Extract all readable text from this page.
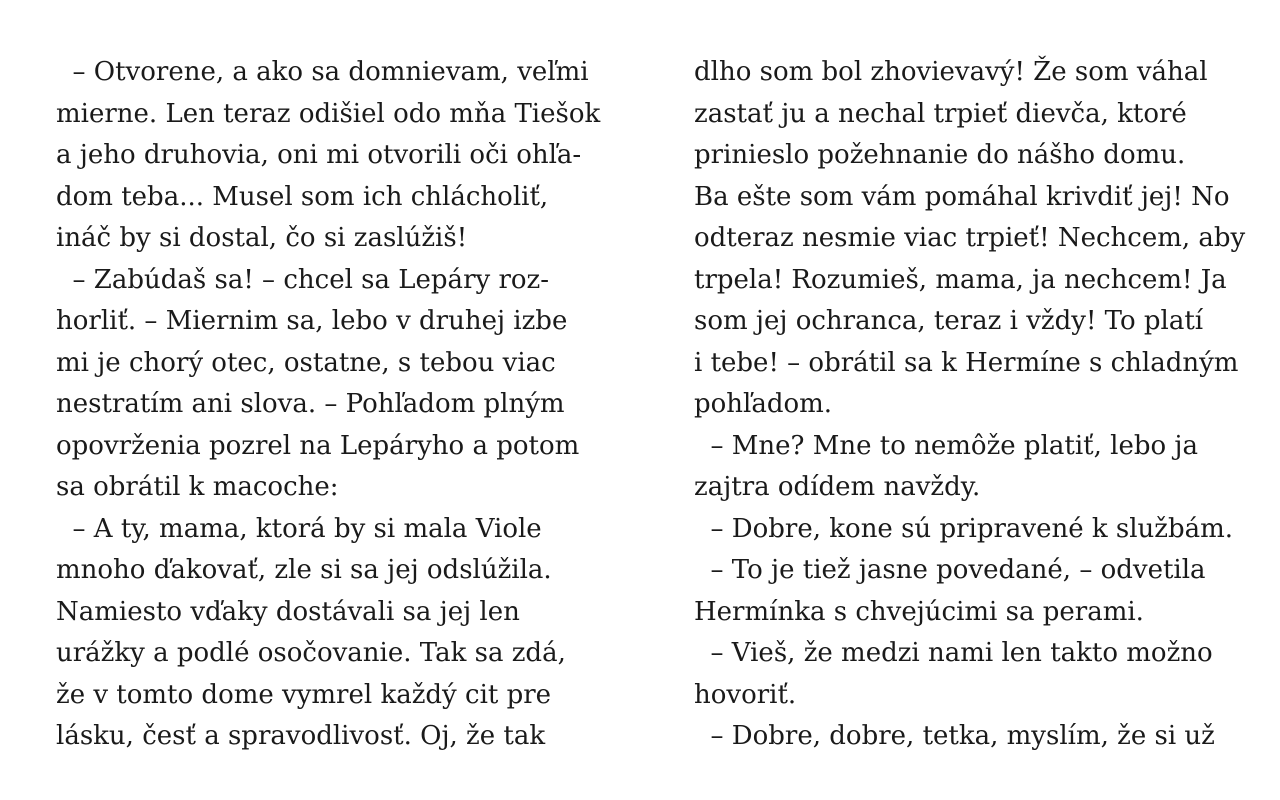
– Otvorene, a ako sa domnievam, veľmi
mierne. Len teraz odišiel odo mňa Tiešok
a jeho druhovia, oni mi otvorili oči ohľa-
dom teba... Musel som ich chlácholiť,
ináč by si dostal, čo si zaslúžiš!
– Zabúdaš sa! – chcel sa Lepáry roz-
horliť. – Miernim sa, lebo v druhej izbe
mi je chorý otec, ostatne, s tebou viac
nestratím ani slova. – Pohľadom plným
opovrženia pozrel na Lepáryho a potom
sa obrátil k macoche:
– A ty, mama, ktorá by si mala Viole
mnoho ďakovať, zle si sa jej odslúžila.
Namiesto vďaky dostávali sa jej len
urážky a podlé osočovanie. Tak sa zdá,
že v tomto dome vymrel každý cit pre
lásku, česť a spravodlivosť. Oj, že tak
dlho som bol zhovievavý! Že som váhal
zastať ju a nechal trpieť dievča, ktoré
prinieslo požehnanie do nášho domu.
Ba ešte som vám pomáhal krivdiť jej! No
odteraz nesmie viac trpieť! Nechcem, aby
trpela! Rozumieš, mama, ja nechcem! Ja
som jej ochranca, teraz i vždy! To platí
i tebe! – obrátil sa k Hermíne s chladným
pohľadom.
– Mne? Mne to nemôže platiť, lebo ja
zajtra odídem navždy.
– Dobre, kone sú pripravené k službám.
– To je tiež jasne povedané, – odvetila
Hermínka s chvejúcimi sa perami.
– Vieš, že medzi nami len takto možno
hovoriť.
– Dobre, dobre, tetka, myslím, že si už
